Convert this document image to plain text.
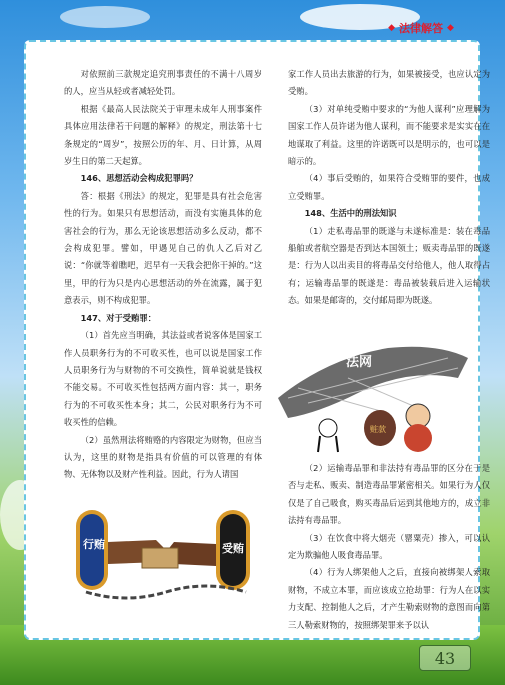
◆ 法律解答 ◆

对依照前三款规定追究刑事责任的不满十八周岁的人，应当从轻或者减轻处罚。

根据《最高人民法院关于审理未成年人刑事案件具体应用法律若干问题的解释》的规定，刑法第十七条规定的“周岁”，按照公历的年、月、日计算，从周岁生日的第二天起算。

146、思想活动会构成犯罪吗？

答：根据《刑法》的规定，犯罪是具有社会危害性的行为。如果只有思想活动，而没有实施具体的危害社会的行为，那么无论该思想活动多么反动，都不会构成犯罪。譬如，甲遇见自己的仇人乙后对乙说：“你就等着瞧吧，迟早有一天我会把你干掉的。”这里，甲的行为只是内心思想活动的外在流露，属于犯意表示，则不构成犯罪。

147、对于受贿罪：

（1）首先应当明确，其法益或者说客体是国家工作人员职务行为的不可收买性，也可以说是国家工作人员职务行为与财物的不可交换性，简单说就是钱权不能交易。不可收买性包括两方面内容：其一，职务行为的不可收买性本身；其二，公民对职务行为不可收买性的信赖。

（2）虽然刑法将贿赂的内容限定为财物，但应当认为，这里的财物是指具有价值的可以管理的有体物、无体物以及财产性利益。因此，行为人请国

家工作人员出去旅游的行为，如果被接受，也应认定为受贿。

（3）对单纯受贿中要求的“为他人谋利”应理解为国家工作人员许诺为他人谋利，而不能要求是实实在在地谋取了利益。这里的许诺既可以是明示的，也可以是暗示的。

（4）事后受贿的，如果符合受贿罪的要件，也成立受贿罪。

148、生活中的刑法知识

（1）走私毒品罪的既遂与未遂标准是：装在毒品船舶或者航空器是否到达本国领土；贩卖毒品罪的既遂是：行为人以出卖目的将毒品交付给他人，他人取得占有；运输毒品罪的既遂是：毒品被装载后进入运输状态。如果是邮寄的，交付邮局即为既遂。

法网
赃款

（2）运输毒品罪和非法持有毒品罪的区分在于是否与走私、贩卖、制造毒品罪紧密相关。如果行为人仅仅是了自己吸食，购买毒品后运到其他地方的，成立非法持有毒品罪。

（3）在饮食中将大烟壳（罂粟壳）掺入，可以认定为欺骗他人吸食毒品罪。

（4）行为人绑架他人之后，直接向被绑架人索取财物，不成立本罪，而应该成立抢劫罪：行为人在以实力支配、控制他人之后，才产生勒索财物的意图而向第三人勒索财物的，按照绑架罪来予以认

行贿	受贿
43
